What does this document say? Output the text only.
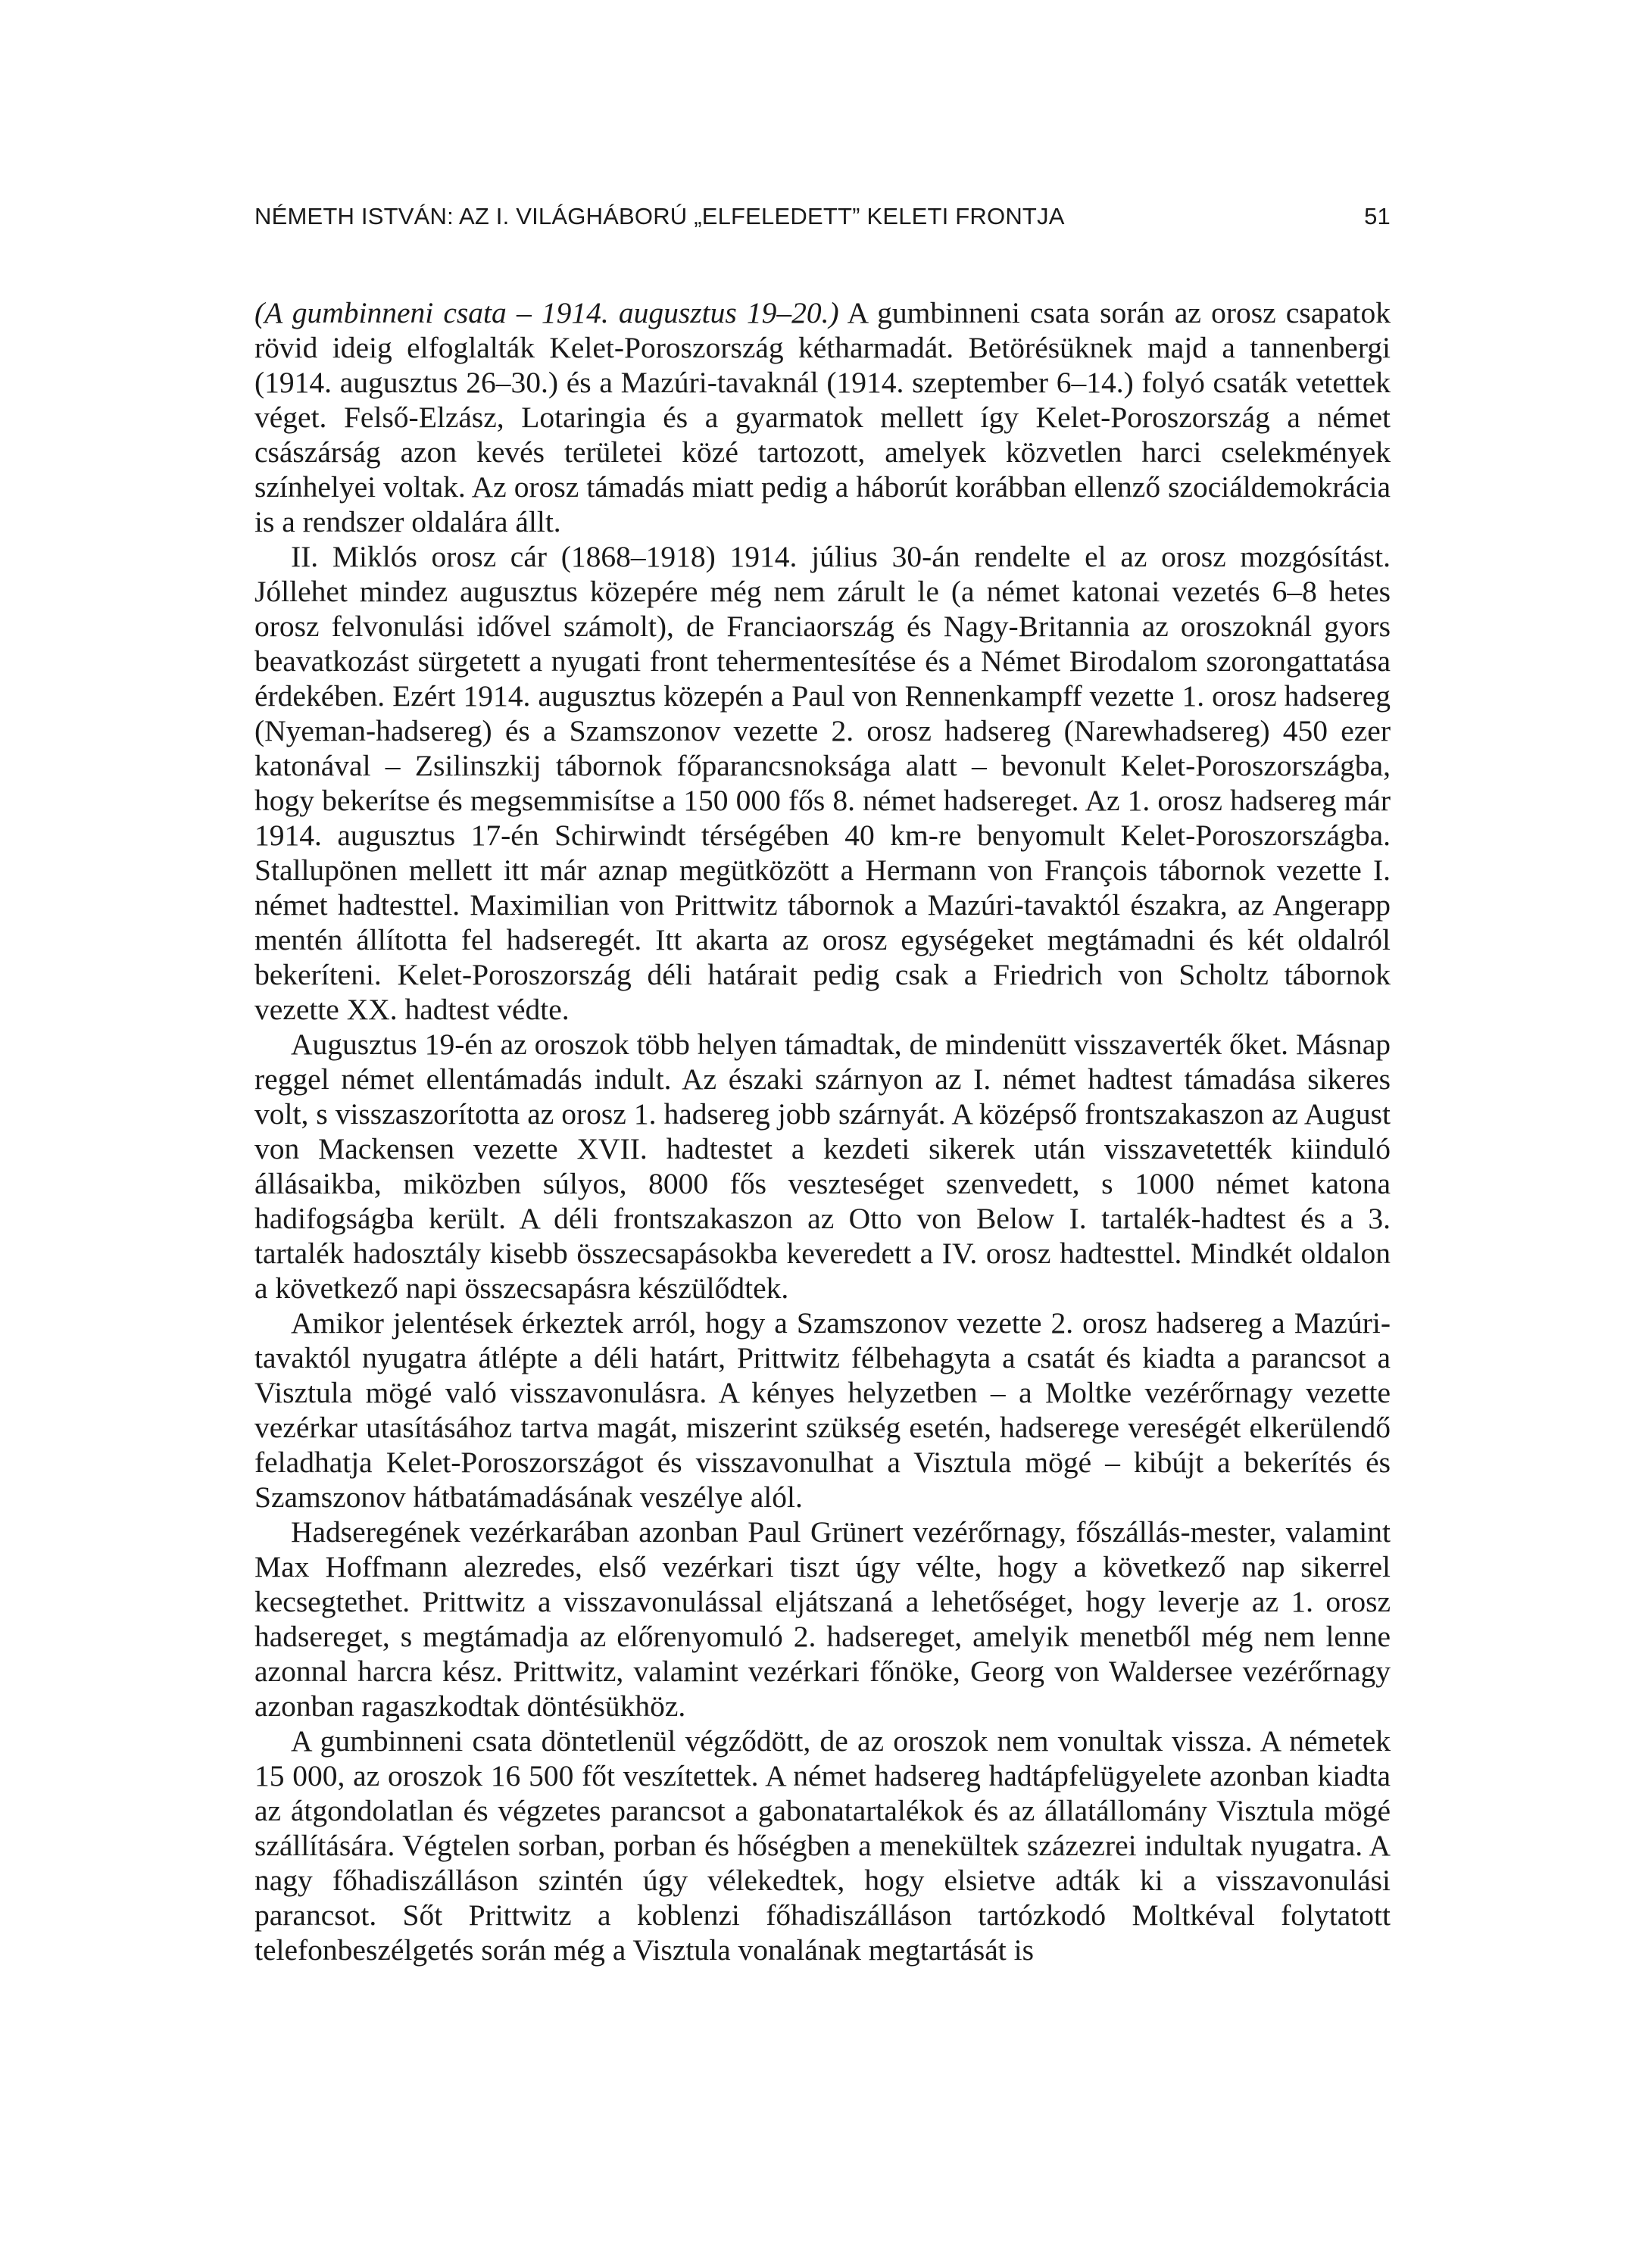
NÉMETH ISTVÁN: AZ I. VILÁGHÁBORÚ „ELFELEDETT” KELETI FRONTJA	51

(A gumbinneni csata – 1914. augusztus 19–20.) A gumbinneni csata során az orosz csapatok rövid ideig elfoglalták Kelet-Poroszország kétharmadát. Betörésüknek majd a tannenbergi (1914. augusztus 26–30.) és a Mazúri-tavaknál (1914. szeptember 6–14.) folyó csaták vetettek véget. Felső-Elzász, Lotaringia és a gyarmatok mellett így Kelet-Poroszország a német császárság azon kevés területei közé tartozott, amelyek közvetlen harci cselekmények színhelyei voltak. Az orosz támadás miatt pedig a háborút korábban ellenző szociáldemokrácia is a rendszer oldalára állt.

II. Miklós orosz cár (1868–1918) 1914. július 30-án rendelte el az orosz mozgósítást. Jóllehet mindez augusztus közepére még nem zárult le (a német katonai vezetés 6–8 hetes orosz felvonulási idővel számolt), de Franciaország és Nagy-Britannia az oroszoknál gyors beavatkozást sürgetett a nyugati front tehermentesítése és a Német Birodalom szorongattatása érdekében. Ezért 1914. augusztus közepén a Paul von Rennenkampff vezette 1. orosz hadsereg (Nyeman-hadsereg) és a Szamszonov vezette 2. orosz hadsereg (Narewhadsereg) 450 ezer katonával – Zsilinszkij tábornok főparancsnoksága alatt – bevonult Kelet-Poroszországba, hogy bekerítse és megsemmisítse a 150 000 fős 8. német hadsereget. Az 1. orosz hadsereg már 1914. augusztus 17-én Schirwindt térségében 40 km-re benyomult Kelet-Poroszországba. Stallupönen mellett itt már aznap megütközött a Hermann von François tábornok vezette I. német hadtesttel. Maximilian von Prittwitz tábornok a Mazúri-tavaktól északra, az Angerapp mentén állította fel hadseregét. Itt akarta az orosz egységeket megtámadni és két oldalról bekeríteni. Kelet-Poroszország déli határait pedig csak a Friedrich von Scholtz tábornok vezette XX. hadtest védte.

Augusztus 19-én az oroszok több helyen támadtak, de mindenütt visszaverték őket. Másnap reggel német ellentámadás indult. Az északi szárnyon az I. német hadtest támadása sikeres volt, s visszaszorította az orosz 1. hadsereg jobb szárnyát. A középső frontszakaszon az August von Mackensen vezette XVII. hadtestet a kezdeti sikerek után visszavetették kiinduló állásaikba, miközben súlyos, 8000 fős veszteséget szenvedett, s 1000 német katona hadifogságba került. A déli frontszakaszon az Otto von Below I. tartalék-hadtest és a 3. tartalék hadosztály kisebb összecsapásokba keveredett a IV. orosz hadtesttel. Mindkét oldalon a következő napi összecsapásra készülődtek.

Amikor jelentések érkeztek arról, hogy a Szamszonov vezette 2. orosz hadsereg a Mazúri-tavaktól nyugatra átlépte a déli határt, Prittwitz félbehagyta a csatát és kiadta a parancsot a Visztula mögé való visszavonulásra. A kényes helyzetben – a Moltke vezérőrnagy vezette vezérkar utasításához tartva magát, miszerint szükség esetén, hadserege vereségét elkerülendő feladhatja Kelet-Poroszországot és visszavonulhat a Visztula mögé – kibújt a bekerítés és Szamszonov hátbatámadásának veszélye alól.

Hadseregének vezérkarában azonban Paul Grünert vezérőrnagy, főszállás-mester, valamint Max Hoffmann alezredes, első vezérkari tiszt úgy vélte, hogy a következő nap sikerrel kecsegtethet. Prittwitz a visszavonulással eljátszaná a lehetőséget, hogy leverje az 1. orosz hadsereget, s megtámadja az előrenyomuló 2. hadsereget, amelyik menetből még nem lenne azonnal harcra kész. Prittwitz, valamint vezérkari főnöke, Georg von Waldersee vezérőrnagy azonban ragaszkodtak döntésükhöz.

A gumbinneni csata döntetlenül végződött, de az oroszok nem vonultak vissza. A németek 15 000, az oroszok 16 500 főt veszítettek. A német hadsereg hadtápfelügyelete azonban kiadta az átgondolatlan és végzetes parancsot a gabonatartalékok és az állatállomány Visztula mögé szállítására. Végtelen sorban, porban és hőségben a menekültek százezrei indultak nyugatra. A nagy főhadiszálláson szintén úgy vélekedtek, hogy elsietve adták ki a visszavonulási parancsot. Sőt Prittwitz a koblenzi főhadiszálláson tartózkodó Moltkéval folytatott telefonbeszélgetés során még a Visztula vonalának megtartását is
